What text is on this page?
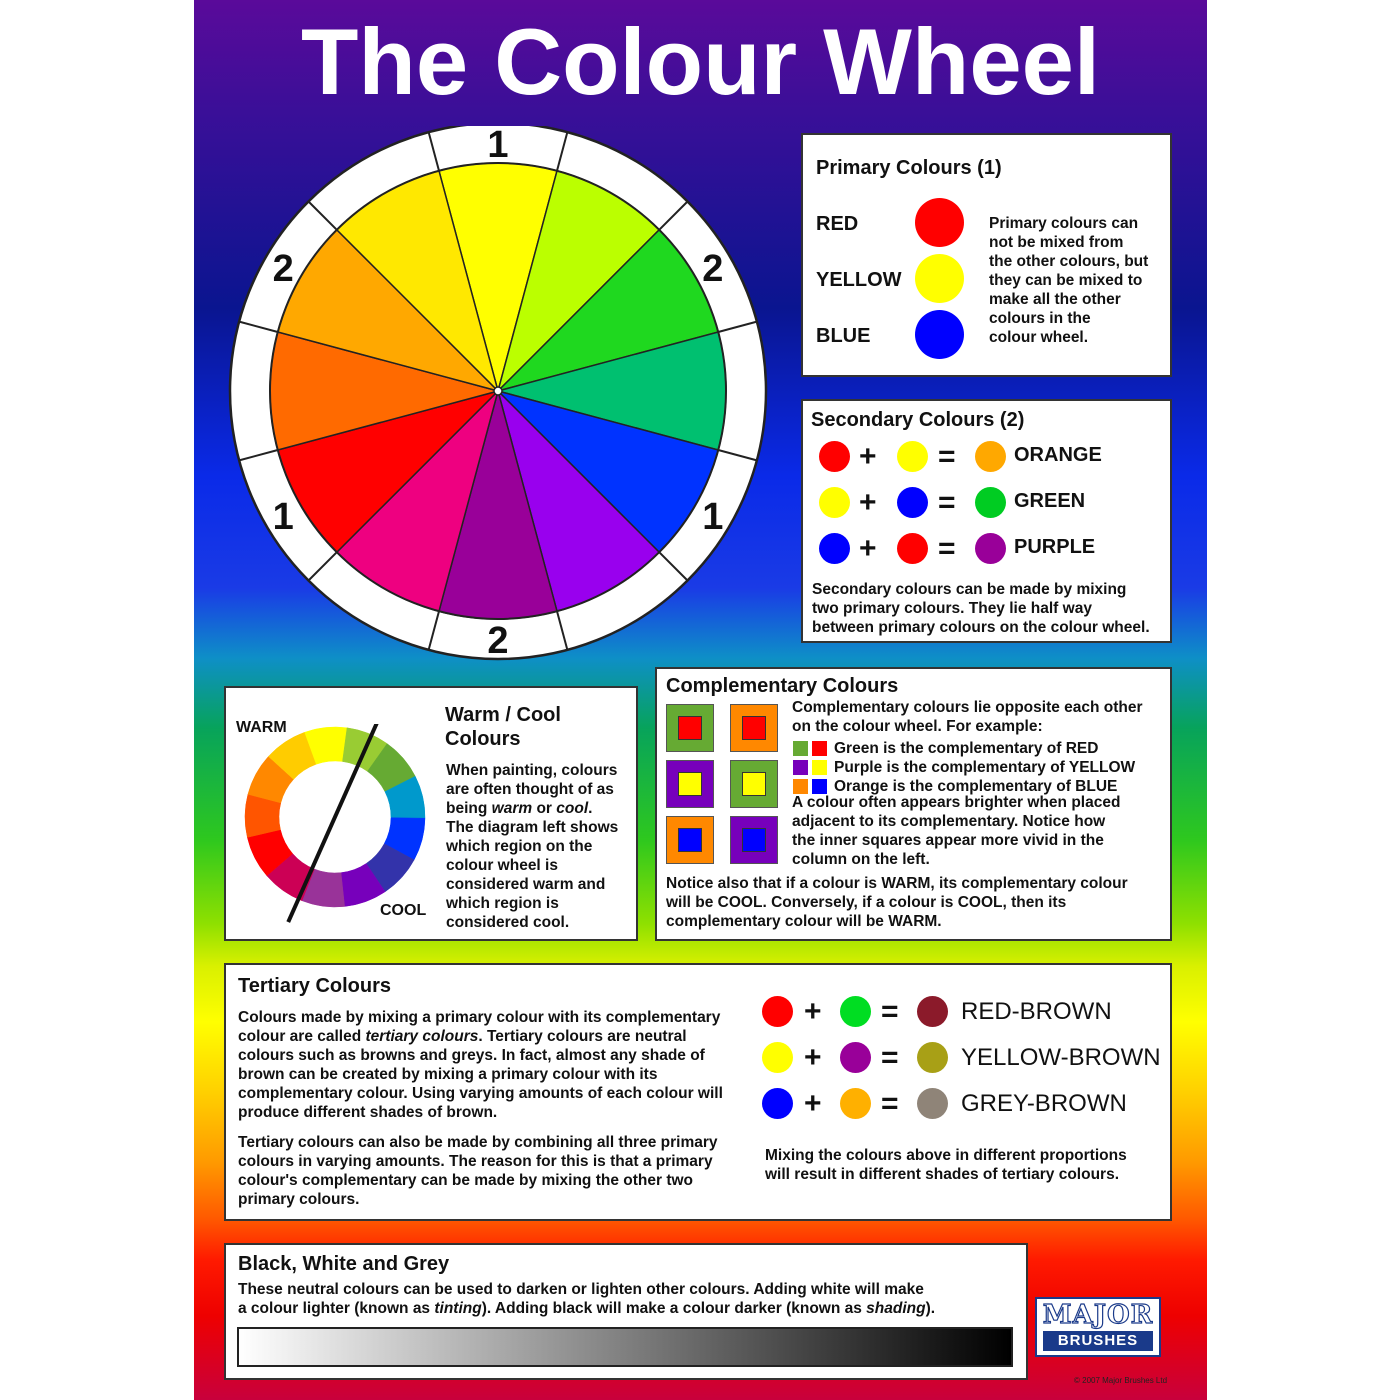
The Colour Wheel
1
2
1
2
1
2
Primary Colours (1)
RED
YELLOW
BLUE
Primary colours can
not be mixed from
the other colours, but
they can be mixed to
make all the other
colours in the
colour wheel.
Secondary Colours (2)
+ =	ORANGE
+ =	GREEN
+ =	PURPLE
Secondary colours can be made by mixing
two primary colours. They lie half way
between primary colours on the colour wheel.
WARM
COOL
Warm / Cool
Colours
When painting, colours
are often thought of as
being warm or cool.
The diagram left shows
which region on the
colour wheel is
considered warm and
which region is
considered cool.
Complementary Colours
Complementary colours lie opposite each other
on the colour wheel. For example:
Green is the complementary of RED
Purple is the complementary of YELLOW
Orange is the complementary of BLUE
A colour often appears brighter when placed
adjacent to its complementary. Notice how
the inner squares appear more vivid in the
column on the left.
Notice also that if a colour is WARM, its complementary colour
will be COOL. Conversely, if a colour is COOL, then its
complementary colour will be WARM.
Tertiary Colours
Colours made by mixing a primary colour with its complementary
colour are called tertiary colours. Tertiary colours are neutral
colours such as browns and greys. In fact, almost any shade of
brown can be created by mixing a primary colour with its
complementary colour. Using varying amounts of each colour will
produce different shades of brown.
Tertiary colours can also be made by combining all three primary
colours in varying amounts. The reason for this is that a primary
colour's complementary can be made by mixing the other two
primary colours.
+ =	RED-BROWN
+ =	YELLOW-BROWN
+ =	GREY-BROWN
Mixing the colours above in different proportions
will result in different shades of tertiary colours.
Black, White and Grey
These neutral colours can be used to darken or lighten other colours. Adding white will make
a colour lighter (known as tinting). Adding black will make a colour darker (known as shading).	MAJOR
BRUSHES
© 2007 Major Brushes Ltd
